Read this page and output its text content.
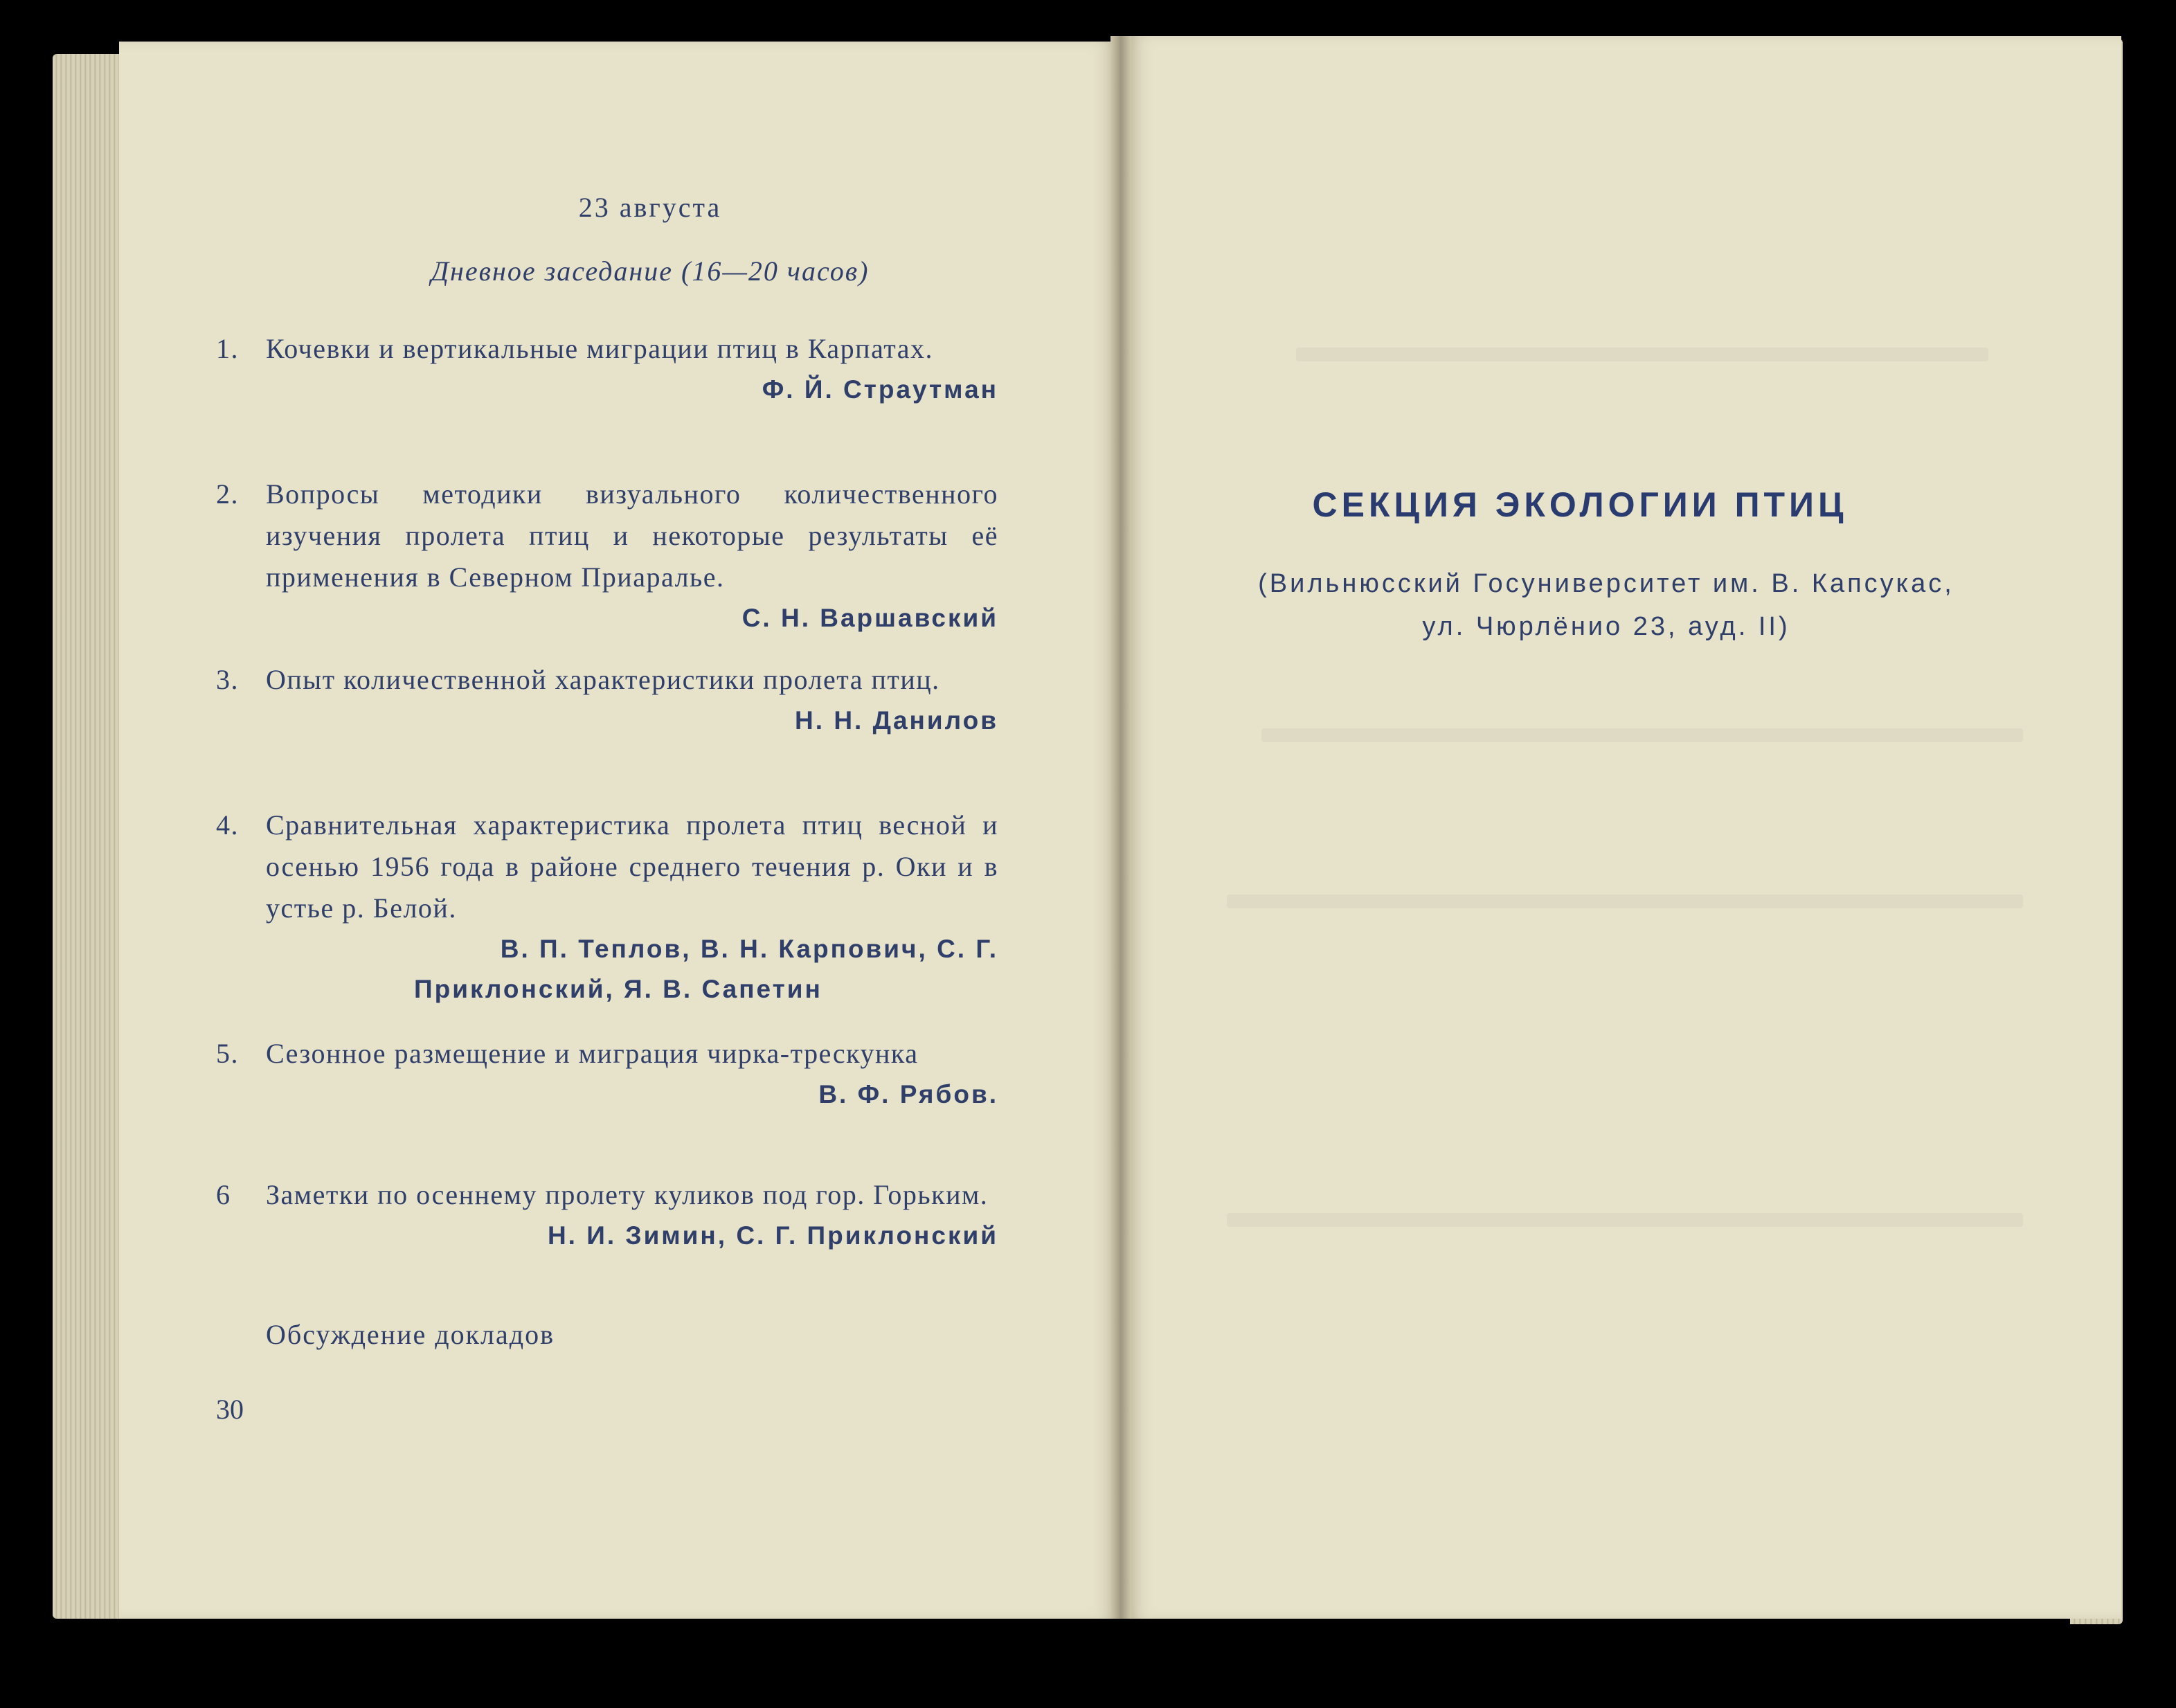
23 августа
Дневное заседание (16—20 часов)
1. Кочевки и вертикальные миграции птиц в Карпатах.
Ф. Й. Страутман
2. Вопросы методики визуального количественного изучения пролета птиц и некоторые результаты её применения в Северном Приаралье.
С. Н. Варшавский
3. Опыт количественной характеристики пролета птиц.
Н. Н. Данилов
4. Сравнительная характеристика пролета птиц весной и осенью 1956 года в районе среднего течения р. Оки и в устье р. Белой.
В. П. Теплов, В. Н. Карпович, С. Г.
Приклонский, Я. В. Сапетин
5. Сезонное размещение и миграция чирка-трескунка
В. Ф. Рябов.
6 Заметки по осеннему пролету куликов под гор. Горьким.
Н. И. Зимин, С. Г. Приклонский
Обсуждение докладов
30
СЕКЦИЯ ЭКОЛОГИИ ПТИЦ
(Вильнюсский Госуниверситет им. В. Капсукас,
ул. Чюрлёнио 23, ауд. II)
